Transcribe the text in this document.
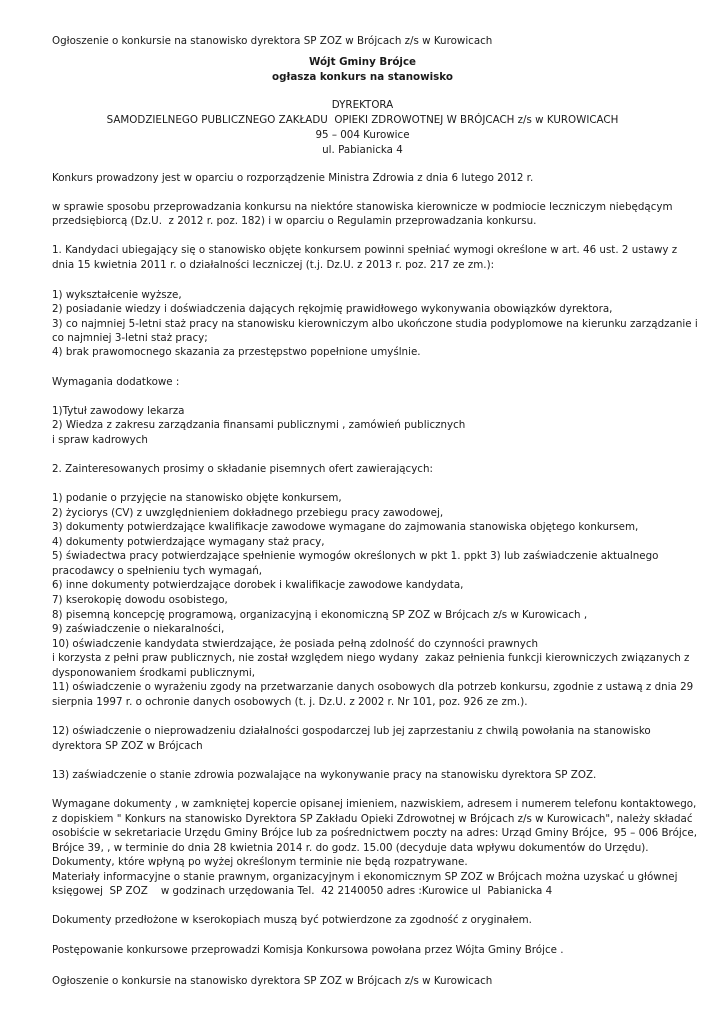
Ogłoszenie o konkursie na stanowisko dyrektora SP ZOZ w Brójcach z/s w Kurowicach

Wójt Gminy Brójce

ogłasza konkurs na stanowisko

DYREKTORA

SAMODZIELNEGO PUBLICZNEGO ZAKŁADU  OPIEKI ZDROWOTNEJ W BRÓJCACH z/s w KUROWICACH

95 – 004 Kurowice

ul. Pabianicka 4

Konkurs prowadzony jest w oparciu o rozporządzenie Ministra Zdrowia z dnia 6 lutego 2012 r.

w sprawie sposobu przeprowadzania konkursu na niektóre stanowiska kierownicze w podmiocie leczniczym niebędącym

przedsiębiorcą (Dz.U.  z 2012 r. poz. 182) i w oparciu o Regulamin przeprowadzania konkursu.

1. Kandydaci ubiegający się o stanowisko objęte konkursem powinni spełniać wymogi określone w art. 46 ust. 2 ustawy z

dnia 15 kwietnia 2011 r. o działalności leczniczej (t.j. Dz.U. z 2013 r. poz. 217 ze zm.):

1) wykształcenie wyższe,

2) posiadanie wiedzy i doświadczenia dających rękojmię prawidłowego wykonywania obowiązków dyrektora,

3) co najmniej 5-letni staż pracy na stanowisku kierowniczym albo ukończone studia podyplomowe na kierunku zarządzanie i

co najmniej 3-letni staż pracy;

4) brak prawomocnego skazania za przestępstwo popełnione umyślnie.

Wymagania dodatkowe :

1)Tytuł zawodowy lekarza

2) Wiedza z zakresu zarządzania finansami publicznymi , zamówień publicznych

i spraw kadrowych

2. Zainteresowanych prosimy o składanie pisemnych ofert zawierających:

1) podanie o przyjęcie na stanowisko objęte konkursem,

2) życiorys (CV) z uwzględnieniem dokładnego przebiegu pracy zawodowej,

3) dokumenty potwierdzające kwalifikacje zawodowe wymagane do zajmowania stanowiska objętego konkursem,

4) dokumenty potwierdzające wymagany staż pracy,

5) świadectwa pracy potwierdzające spełnienie wymogów określonych w pkt 1. ppkt 3) lub zaświadczenie aktualnego

pracodawcy o spełnieniu tych wymagań,

6) inne dokumenty potwierdzające dorobek i kwalifikacje zawodowe kandydata,

7) kserokopię dowodu osobistego,

8) pisemną koncepcję programową, organizacyjną i ekonomiczną SP ZOZ w Brójcach z/s w Kurowicach ,

9) zaświadczenie o niekaralności,

10) oświadczenie kandydata stwierdzające, że posiada pełną zdolność do czynności prawnych

i korzysta z pełni praw publicznych, nie został względem niego wydany  zakaz pełnienia funkcji kierowniczych związanych z

dysponowaniem środkami publicznymi,

11) oświadczenie o wyrażeniu zgody na przetwarzanie danych osobowych dla potrzeb konkursu, zgodnie z ustawą z dnia 29

sierpnia 1997 r. o ochronie danych osobowych (t. j. Dz.U. z 2002 r. Nr 101, poz. 926 ze zm.).

12) oświadczenie o nieprowadzeniu działalności gospodarczej lub jej zaprzestaniu z chwilą powołania na stanowisko

dyrektora SP ZOZ w Brójcach

13) zaświadczenie o stanie zdrowia pozwalające na wykonywanie pracy na stanowisku dyrektora SP ZOZ.

Wymagane dokumenty , w zamkniętej kopercie opisanej imieniem, nazwiskiem, adresem i numerem telefonu kontaktowego,

z dopiskiem " Konkurs na stanowisko Dyrektora SP Zakładu Opieki Zdrowotnej w Brójcach z/s w Kurowicach", należy składać

osobiście w sekretariacie Urzędu Gminy Brójce lub za pośrednictwem poczty na adres: Urząd Gminy Brójce,  95 – 006 Brójce,

Brójce 39, , w terminie do dnia 28 kwietnia 2014 r. do godz. 15.00 (decyduje data wpływu dokumentów do Urzędu).

Dokumenty, które wpłyną po wyżej określonym terminie nie będą rozpatrywane.

Materiały informacyjne o stanie prawnym, organizacyjnym i ekonomicznym SP ZOZ w Brójcach można uzyskać u głównej

księgowej  SP ZOZ    w godzinach urzędowania Tel.  42 2140050 adres :Kurowice ul  Pabianicka 4

Dokumenty przedłożone w kserokopiach muszą być potwierdzone za zgodność z oryginałem.

Postępowanie konkursowe przeprowadzi Komisja Konkursowa powołana przez Wójta Gminy Brójce .

Ogłoszenie o konkursie na stanowisko dyrektora SP ZOZ w Brójcach z/s w Kurowicach
